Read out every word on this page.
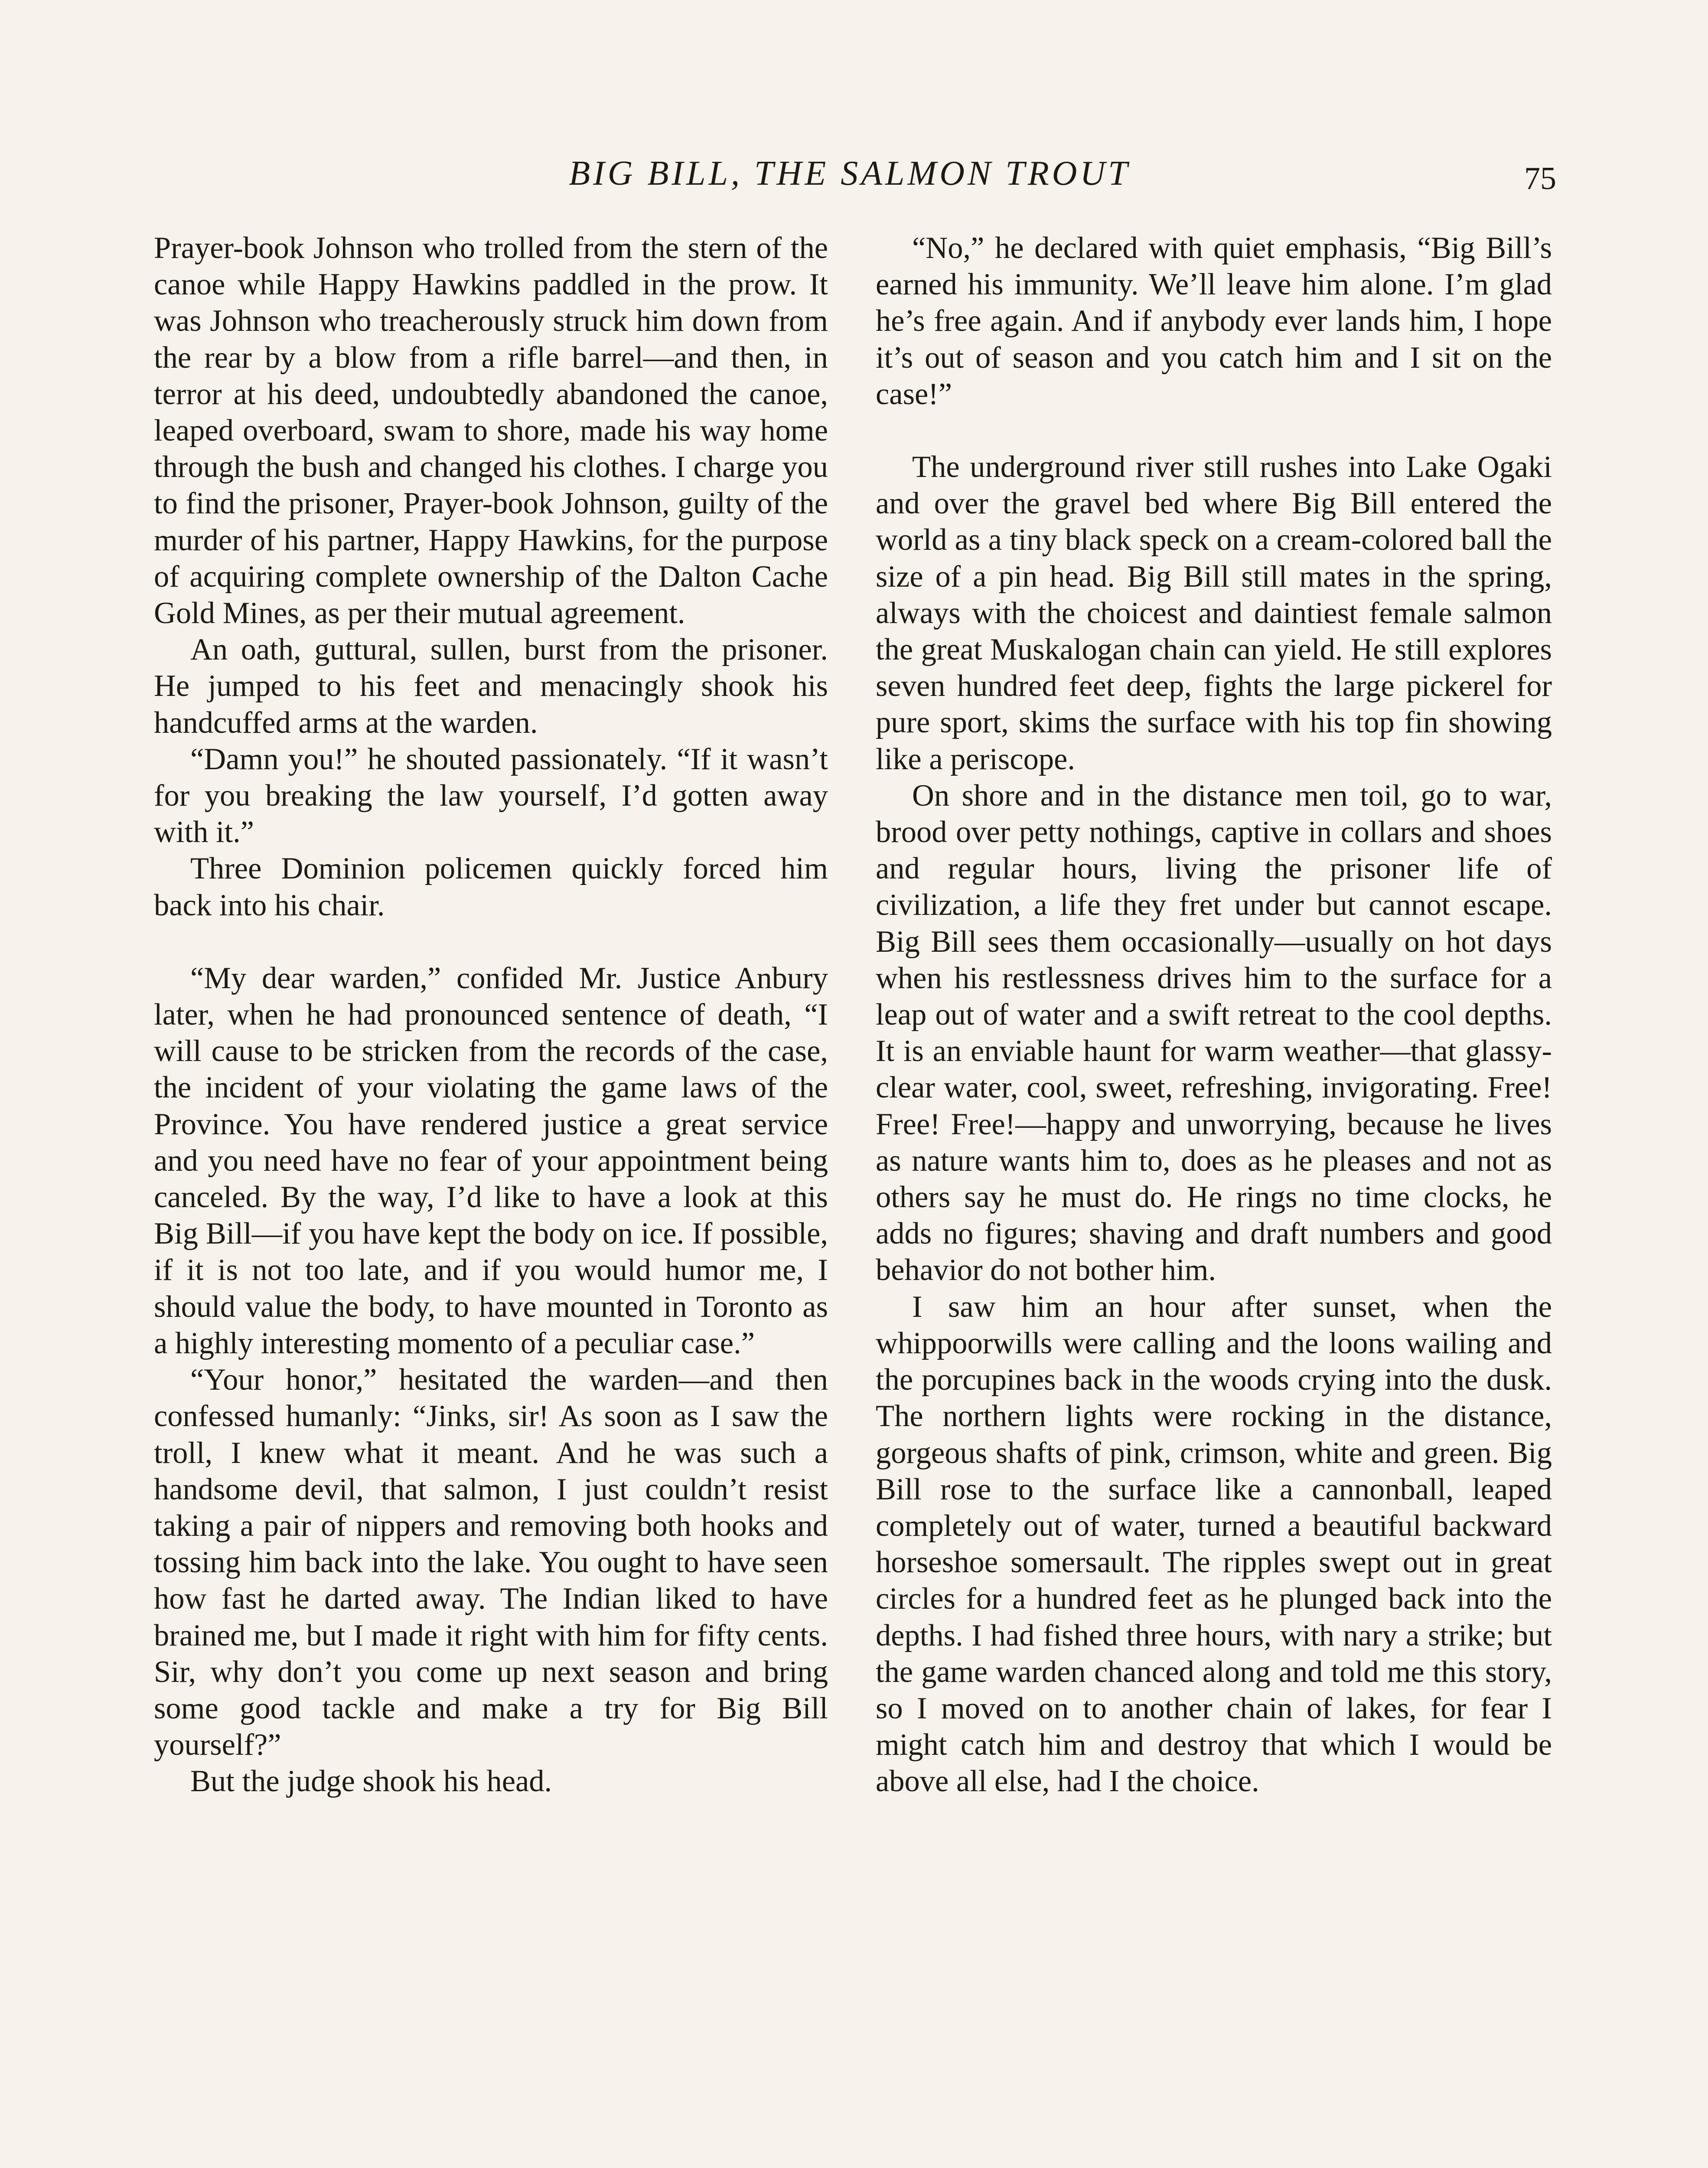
BIG BILL, THE SALMON TROUT	75

Prayer-book Johnson who trolled from the stern of the canoe while Happy Hawkins paddled in the prow. It was Johnson who treacherously struck him down from the rear by a blow from a rifle barrel—and then, in terror at his deed, undoubtedly abandoned the canoe, leaped overboard, swam to shore, made his way home through the bush and changed his clothes. I charge you to find the prisoner, Prayer-book Johnson, guilty of the murder of his partner, Happy Hawkins, for the purpose of acquiring complete ownership of the Dalton Cache Gold Mines, as per their mutual agreement.

An oath, guttural, sullen, burst from the prisoner. He jumped to his feet and menacingly shook his handcuffed arms at the warden.

“Damn you!” he shouted passionately. “If it wasn’t for you breaking the law yourself, I’d gotten away with it.”

Three Dominion policemen quickly forced him back into his chair.

“My dear warden,” confided Mr. Justice Anbury later, when he had pronounced sentence of death, “I will cause to be stricken from the records of the case, the incident of your violating the game laws of the Province. You have rendered justice a great service and you need have no fear of your appointment being canceled. By the way, I’d like to have a look at this Big Bill—if you have kept the body on ice. If possible, if it is not too late, and if you would humor me, I should value the body, to have mounted in Toronto as a highly interesting momento of a peculiar case.”

“Your honor,” hesitated the warden—and then confessed humanly: “Jinks, sir! As soon as I saw the troll, I knew what it meant. And he was such a handsome devil, that salmon, I just couldn’t resist taking a pair of nippers and removing both hooks and tossing him back into the lake. You ought to have seen how fast he darted away. The Indian liked to have brained me, but I made it right with him for fifty cents. Sir, why don’t you come up next season and bring some good tackle and make a try for Big Bill yourself?”

But the judge shook his head.

“No,” he declared with quiet emphasis, “Big Bill’s earned his immunity. We’ll leave him alone. I’m glad he’s free again. And if anybody ever lands him, I hope it’s out of season and you catch him and I sit on the case!”

The underground river still rushes into Lake Ogaki and over the gravel bed where Big Bill entered the world as a tiny black speck on a cream-colored ball the size of a pin head. Big Bill still mates in the spring, always with the choicest and daintiest female salmon the great Muskalogan chain can yield. He still explores seven hundred feet deep, fights the large pickerel for pure sport, skims the surface with his top fin showing like a periscope.

On shore and in the distance men toil, go to war, brood over petty nothings, captive in collars and shoes and regular hours, living the prisoner life of civilization, a life they fret under but cannot escape. Big Bill sees them occasionally—usually on hot days when his restlessness drives him to the surface for a leap out of water and a swift retreat to the cool depths. It is an enviable haunt for warm weather—that glassy-clear water, cool, sweet, refreshing, invigorating. Free! Free! Free!—happy and unworrying, because he lives as nature wants him to, does as he pleases and not as others say he must do. He rings no time clocks, he adds no figures; shaving and draft numbers and good behavior do not bother him.

I saw him an hour after sunset, when the whippoorwills were calling and the loons wailing and the porcupines back in the woods crying into the dusk. The northern lights were rocking in the distance, gorgeous shafts of pink, crimson, white and green. Big Bill rose to the surface like a cannonball, leaped completely out of water, turned a beautiful backward horseshoe somersault. The ripples swept out in great circles for a hundred feet as he plunged back into the depths. I had fished three hours, with nary a strike; but the game warden chanced along and told me this story, so I moved on to another chain of lakes, for fear I might catch him and destroy that which I would be above all else, had I the choice.
